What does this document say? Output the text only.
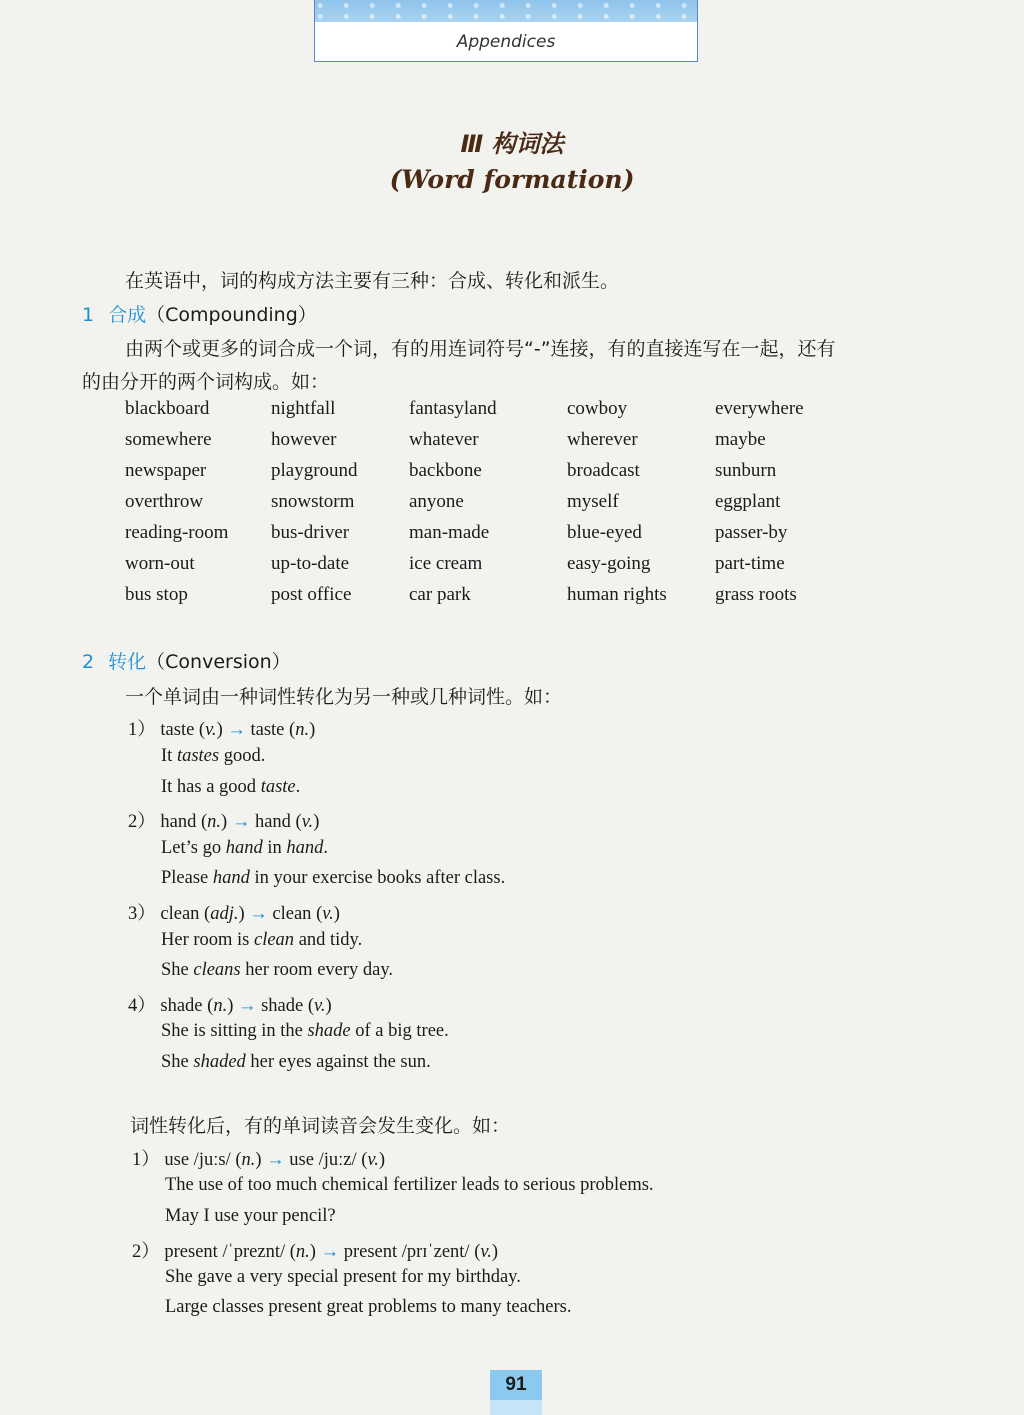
Appendices
Ⅲ 构词法
(Word formation)
在英语中，词的构成方法主要有三种：合成、转化和派生。
1 合成（Compounding）
由两个或更多的词合成一个词，有的用连词符号“-”连接，有的直接连写在一起，还有
的由分开的两个词构成。如：
blackboard	nightfall	fantasyland	cowboy	everywhere
somewhere	however	whatever	wherever	maybe
newspaper	playground	backbone	broadcast	sunburn
overthrow	snowstorm	anyone	myself	eggplant
reading-room	bus-driver	man-made	blue-eyed	passer-by
worn-out	up-to-date	ice cream	easy-going	part-time
bus stop	post office	car park	human rights	grass roots
2 转化（Conversion）
一个单词由一种词性转化为另一种或几种词性。如：
1） taste (v.) → taste (n.)
It tastes good.
It has a good taste.
2） hand (n.) → hand (v.)
Let’s go hand in hand.
Please hand in your exercise books after class.
3） clean (adj.) → clean (v.)
Her room is clean and tidy.
She cleans her room every day.
4） shade (n.) → shade (v.)
She is sitting in the shade of a big tree.
She shaded her eyes against the sun.
词性转化后，有的单词读音会发生变化。如：
1） use /juːs/ (n.) → use /juːz/ (v.)
The use of too much chemical fertilizer leads to serious problems.
May I use your pencil?
2） present /ˈpreznt/ (n.) → present /prɪˈzent/ (v.)
She gave a very special present for my birthday.
Large classes present great problems to many teachers.
91
